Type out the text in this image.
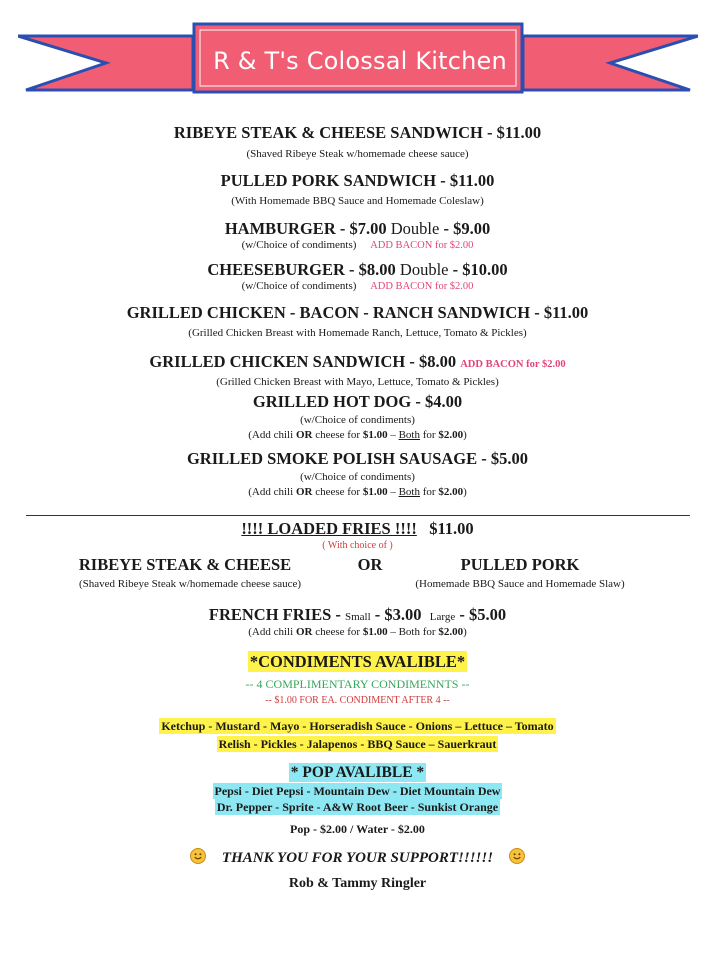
R & T's Colossal Kitchen
RIBEYE STEAK & CHEESE SANDWICH - $11.00
(Shaved Ribeye Steak w/homemade cheese sauce)
PULLED PORK SANDWICH - $11.00
(With Homemade BBQ Sauce and Homemade Coleslaw)
HAMBURGER - $7.00 Double - $9.00
(w/Choice of condiments) ADD BACON for $2.00
CHEESEBURGER - $8.00 Double - $10.00
(w/Choice of condiments) ADD BACON for $2.00
GRILLED CHICKEN - BACON - RANCH SANDWICH - $11.00
(Grilled Chicken Breast with Homemade Ranch, Lettuce, Tomato & Pickles)
GRILLED CHICKEN SANDWICH - $8.00 ADD BACON for $2.00
(Grilled Chicken Breast with Mayo, Lettuce, Tomato & Pickles)
GRILLED HOT DOG - $4.00
(w/Choice of condiments)
(Add chili OR cheese for $1.00 – Both for $2.00)
GRILLED SMOKE POLISH SAUSAGE - $5.00
(w/Choice of condiments)
(Add chili OR cheese for $1.00 – Both for $2.00)
!!!! LOADED FRIES !!!! $11.00
( With choice of )
RIBEYE STEAK & CHEESE	OR	PULLED PORK
(Shaved Ribeye Steak w/homemade cheese sauce)	(Homemade BBQ Sauce and Homemade Slaw)
FRENCH FRIES - Small - $3.00 Large - $5.00
(Add chili OR cheese for $1.00 – Both for $2.00)
*CONDIMENTS AVALIBLE*
-- 4 COMPLIMENTARY CONDIMENNTS --
-- $1.00 FOR EA. CONDIMENT AFTER 4 --
Ketchup - Mustard - Mayo - Horseradish Sauce - Onions – Lettuce – Tomato
Relish - Pickles - Jalapenos - BBQ Sauce – Sauerkraut
* POP AVALIBLE *
Pepsi - Diet Pepsi - Mountain Dew - Diet Mountain Dew
Dr. Pepper - Sprite - A&W Root Beer - Sunkist Orange
Pop - $2.00 / Water - $2.00
THANK YOU FOR YOUR SUPPORT!!!!!!
Rob & Tammy Ringler
